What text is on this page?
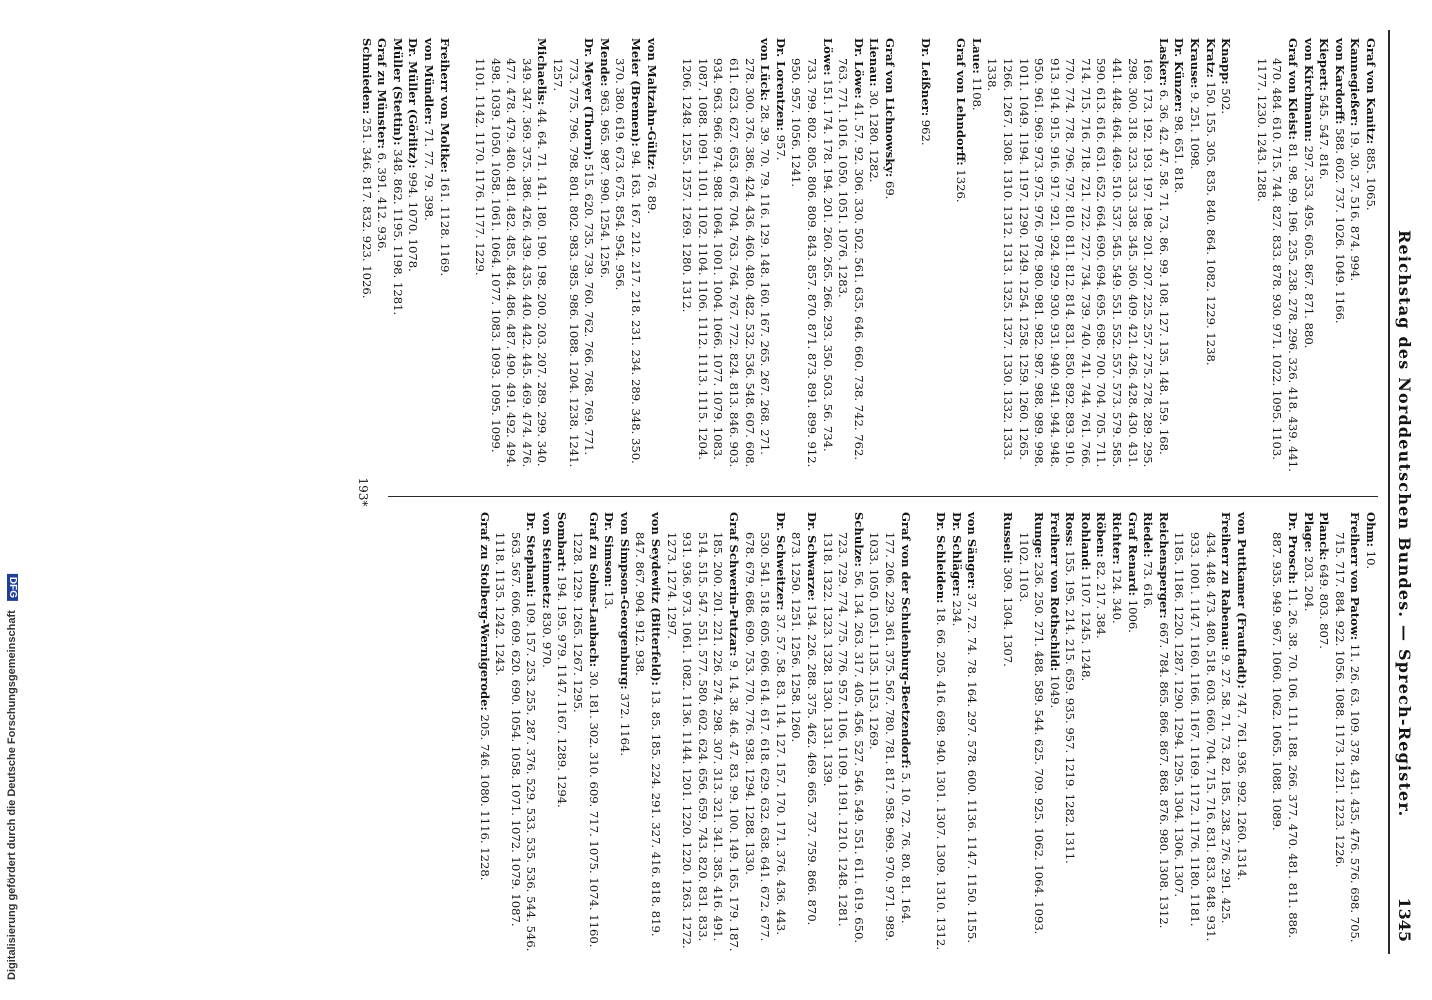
Reichstag des Norddeutschen Bundes. — Sprech-Register.
1345

Graf von Kanitz: 885. 1065.

Kannegießer: 19. 30. 37. 516. 874. 994.

von Kardorff: 588. 602. 737. 1026. 1049. 1166.

Kiepert: 545. 547. 816.

von Kirchmann: 297. 353. 495. 605. 867. 871. 880.

Graf von Kleist: 81. 98. 99. 196. 235. 238. 278. 296. 326. 418. 439. 441. 470. 484. 610. 715. 744. 827. 833. 878. 930. 971. 1022. 1095. 1103. 1177. 1230. 1243. 1288.

Knapp: 502.

Kratz: 150. 155. 305. 835. 840. 864. 1082. 1229. 1238.

Krause: 9. 251. 1098.

Dr. Künzer: 98. 651. 818.

Lasker: 6. 36. 42. 47. 58. 71. 73. 86. 99. 108. 127. 135. 148. 159. 168. 169. 173. 192. 193. 197. 198. 201. 207. 225. 257. 275. 278. 289. 295. 298. 300. 318. 323. 333. 338. 345. 360. 409. 421. 426. 428. 430. 431. 441. 448. 464. 469. 510. 537. 545. 549. 551. 552. 557. 573. 579. 585. 590. 613. 616. 631. 652. 664. 690. 694. 695. 698. 700. 704. 705. 711. 714. 715. 716. 718. 721. 722. 727. 734. 739. 740. 741. 744. 761. 766. 770. 774. 778. 796. 797. 810. 811. 812. 814. 831. 850. 892. 893. 910. 913. 914. 915. 916. 917. 921. 924. 929. 930. 931. 940. 941. 944. 948. 950. 961. 969. 973. 975. 976. 978. 980. 981. 982. 987. 988. 989. 998. 1011. 1049. 1194. 1197. 1290. 1249. 1254. 1258. 1259. 1260. 1265. 1266. 1267. 1308. 1310. 1312. 1313. 1325. 1327. 1330. 1332. 1333. 1338.

Laue: 1108.

Graf von Lehndorff: 1326.

Dr. Leißner: 962.

Graf von Lichnowsky: 69.

Lienau: 30. 1280. 1282.

Dr. Löwe: 41. 57. 92. 306. 330. 502. 561. 635. 646. 660. 738. 742. 762. 763. 771. 1016. 1050. 1051. 1076. 1283.

Löwe: 151. 174. 178. 194. 201. 260. 265. 266. 293. 350. 503. 56. 734. 733. 799. 802. 805. 806. 809. 843. 857. 870. 871. 873. 891. 899. 912. 950. 957. 1056. 1241.

Dr. Lorentzen: 957.

von Lück: 28. 39. 70. 79. 116. 129. 148. 160. 167. 265. 267. 268. 271. 278. 300. 376. 386. 424. 436. 460. 480. 482. 532. 536. 548. 607. 608. 611. 623. 627. 653. 676. 704. 763. 764. 767. 772. 824. 813. 846. 903. 934. 963. 966. 974. 988. 1064. 1001. 1004. 1066. 1077. 1079. 1083. 1087. 1088. 1091. 1101. 1102. 1104. 1106. 1112. 1113. 1115. 1204. 1206. 1248. 1255. 1257. 1269. 1280. 1312.

von Maltzahn-Gültz: 76. 89.

Meier (Bremen): 94. 163. 167. 212. 217. 218. 231. 234. 289. 348. 350. 370. 380. 619. 673. 675. 854. 954. 956.

Mende: 963. 965. 987. 990. 1254. 1256.

Dr. Meyer (Thorn): 515. 620. 735. 739. 760. 762. 766. 768. 769. 771. 773. 775. 796. 798. 801. 802. 983. 985. 986. 1088. 1204. 1238. 1241. 1257.

Michaelis: 44. 64. 71. 141. 180. 190. 198. 200. 203. 207. 289. 299. 340. 349. 347. 369. 375. 386. 426. 439. 435. 440. 442. 445. 469. 474. 476. 477. 478. 479. 480. 481. 482. 485. 484. 486. 487. 490. 491. 492. 494. 498. 1039. 1050. 1058. 1061. 1064. 1077. 1083. 1093. 1095. 1099. 1101. 1142. 1170. 1176. 1177. 1229.

Freiherr von Moltke: 161. 1128. 1169.

von Mündler: 71. 77. 79. 398.

Dr. Müller (Görlitz): 994. 1070. 1078.

Müller (Stettin): 348. 862. 1195. 1198. 1281.

Graf zu Münster: 6. 391. 412. 936.

Schmieden: 251. 346. 817. 832. 923. 1026.

Ohm: 10.

Freiherr von Patow: 11. 26. 63. 109. 378. 431. 435. 476. 576. 698. 705. 715. 717. 884. 922. 1056. 1088. 1173. 1221. 1223. 1226.

Planck: 649. 803. 807.

Plage: 203. 204.

Dr. Prosch: 11. 26. 38. 70. 106. 111. 188. 266. 377. 470. 481. 811. 886. 887. 935. 949. 967. 1060. 1062. 1065. 1088. 1089.

von Puttkamer (Frauftadt): 747. 761. 936. 992. 1260. 1314.

Freiherr zu Rabenau: 9. 27. 58. 71. 73. 82. 185. 238. 276. 291. 425. 434. 448. 473. 480. 518. 603. 660. 704. 715. 716. 831. 833. 848. 931. 933. 1001. 1147. 1160. 1166. 1167. 1169. 1172. 1176. 1180. 1181. 1185. 1186. 1220. 1287. 1290. 1294. 1295. 1304. 1306. 1307.

Reichensperger: 667. 784. 865. 866. 867. 868. 876. 980. 1308. 1312.

Riedel: 73. 616.

Graf Renard: 1006.

Richter: 124. 340.

Röben: 82. 217. 384.

Rohland: 1107. 1245. 1248.

Ross: 155. 195. 214. 215. 659. 935. 957. 1219. 1282. 1311.

Freiherr von Rothschild: 1049.

Runge: 236. 250. 271. 488. 589. 544. 625. 709. 925. 1062. 1064. 1093. 1102. 1103.

Russell: 309. 1304. 1307.

von Sänger: 37. 72. 74. 78. 164. 297. 578. 600. 1136. 1147. 1150. 1155.

Dr. Schläger: 234.

Dr. Schleiden: 18. 66. 205. 416. 698. 940. 1301. 1307. 1309. 1310. 1312.

Graf von der Schulenburg-Beetzendorf: 5. 10. 72. 76. 80. 81. 164. 177. 206. 229. 361. 375. 567. 780. 781. 817. 958. 969. 970. 971. 989. 1033. 1050. 1051. 1135. 1153. 1269.

Schulze: 56. 134. 263. 317. 405. 456. 527. 546. 549. 551. 611. 619. 650. 723. 729. 774. 775. 776. 957. 1106. 1109. 1191. 1210. 1248. 1281. 1318. 1322. 1323. 1328. 1330. 1331. 1339.

Dr. Schwarze: 134. 226. 288. 375. 462. 469. 665. 737. 759. 866. 870. 873. 1250. 1251. 1256. 1258. 1260.

Dr. Schweitzer: 37. 57. 58. 83. 114. 127. 157. 170. 171. 376. 436. 443. 530. 541. 518. 605. 606. 614. 617. 618. 629. 632. 638. 641. 672. 677. 678. 679. 686. 690. 753. 770. 776. 938. 1294. 1288. 1330.

Graf Schwerin-Putzar: 9. 14. 38. 46. 47. 83. 99. 100. 149. 165. 179. 187. 185. 200. 201. 221. 226. 274. 298. 307. 313. 321. 341. 385. 416. 491. 514. 515. 547. 551. 577. 580. 602. 624. 656. 659. 743. 820. 831. 833. 931. 936. 973. 1061. 1082. 1136. 1144. 1201. 1220. 1220. 1263. 1272. 1273. 1274. 1297.

von Seydewitz (Bitterfeld): 13. 85. 185. 224. 291. 327. 416. 818. 819. 847. 867. 904. 912. 938.

von Simpson-Georgenburg: 372. 1164.

Dr. Simson: 13.

Graf zu Solms-Laubach: 30. 181. 302. 310. 609. 717. 1075. 1074. 1160. 1228. 1229. 1265. 1267. 1295.

Sombart: 194. 195. 979. 1147. 1167. 1289. 1294.

von Steinmetz: 830. 970.

Dr. Stephani: 109. 157. 253. 255. 287. 376. 529. 533. 535. 536. 544. 546. 563. 567. 606. 609. 620. 690. 1054. 1058. 1071. 1072. 1079. 1087. 1118. 1135. 1242. 1243.

Graf zu Stolberg-Wernigerode: 205. 746. 1080. 1116. 1228.

193*
Digitalisierung gefördert durch die Deutsche Forschungsgemeinschaft DFG
